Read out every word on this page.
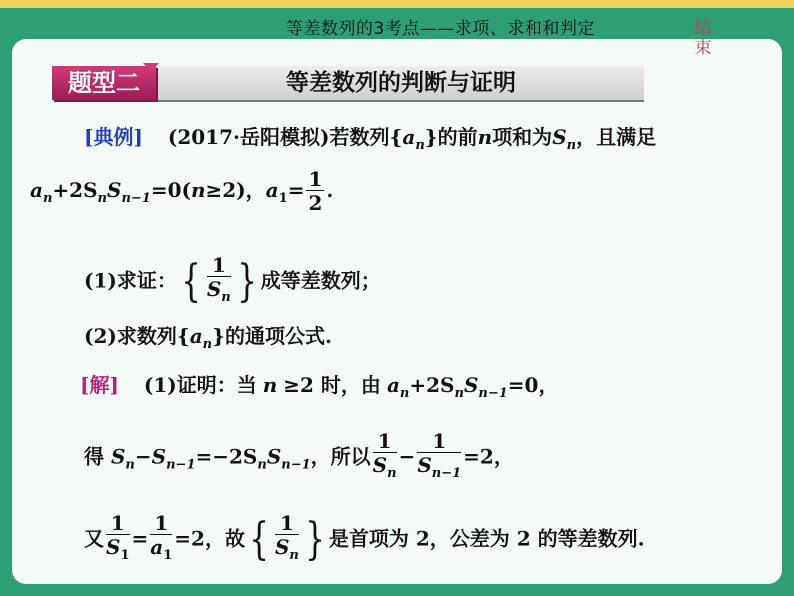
等差数列的3考点——求项、求和和判定	结
束
题型二	等差数列的判断与证明
[典例] (2017·岳阳模拟)若数列$\{a_n\}$的前n项和为$S_n$，且满足
$a_n+2S_nS_{n-1}=0(n\ge 2)$，$a_1= \frac{1}{2}$ .
(1)求证：{ $\frac{1}{S_n}$ } 成等差数列；
(2)求数列$\{a_n\}$的通项公式.
[解] (1)证明：当 n ≥2 时，由 $a_n+2S_nS_{n-1}=0$，
得 $S_n-S_{n-1}=-2S_nS_{n-1}$，所以 $\frac{1}{S_n} - \frac{1}{S_{n-1}} =2$，
又 $\frac{1}{S_1} = \frac{1}{a_1} =2$，故{ $\frac{1}{S_n}$ } 是首项为 2，公差为 2 的等差数列.
